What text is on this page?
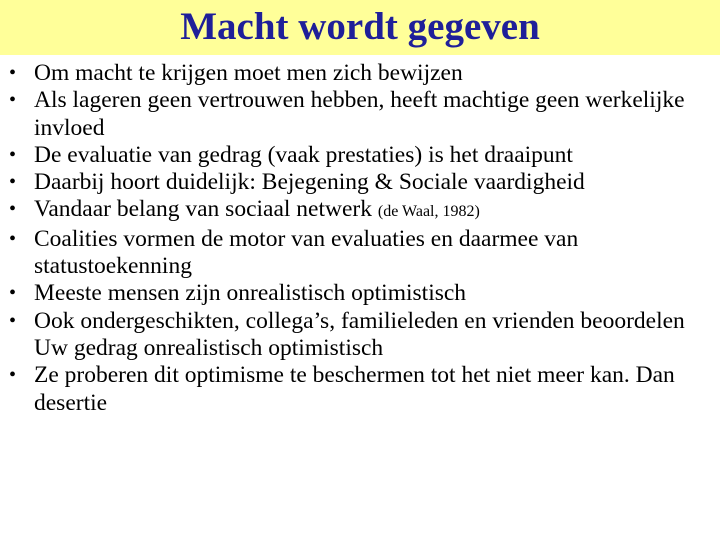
Macht wordt gegeven
• Om macht te krijgen moet men zich bewijzen
• Als lageren geen vertrouwen hebben, heeft machtige geen werkelijke invloed
• De evaluatie van gedrag (vaak prestaties) is het draaipunt
• Daarbij hoort duidelijk: Bejegening & Sociale vaardigheid
• Vandaar belang van sociaal netwerk (de Waal, 1982)
• Coalities vormen de motor van evaluaties en daarmee van statustoekenning
• Meeste mensen zijn onrealistisch optimistisch
• Ook ondergeschikten, collega’s, familieleden en vrienden beoordelen Uw gedrag onrealistisch optimistisch
• Ze proberen dit optimisme te beschermen tot het niet meer kan. Dan desertie
